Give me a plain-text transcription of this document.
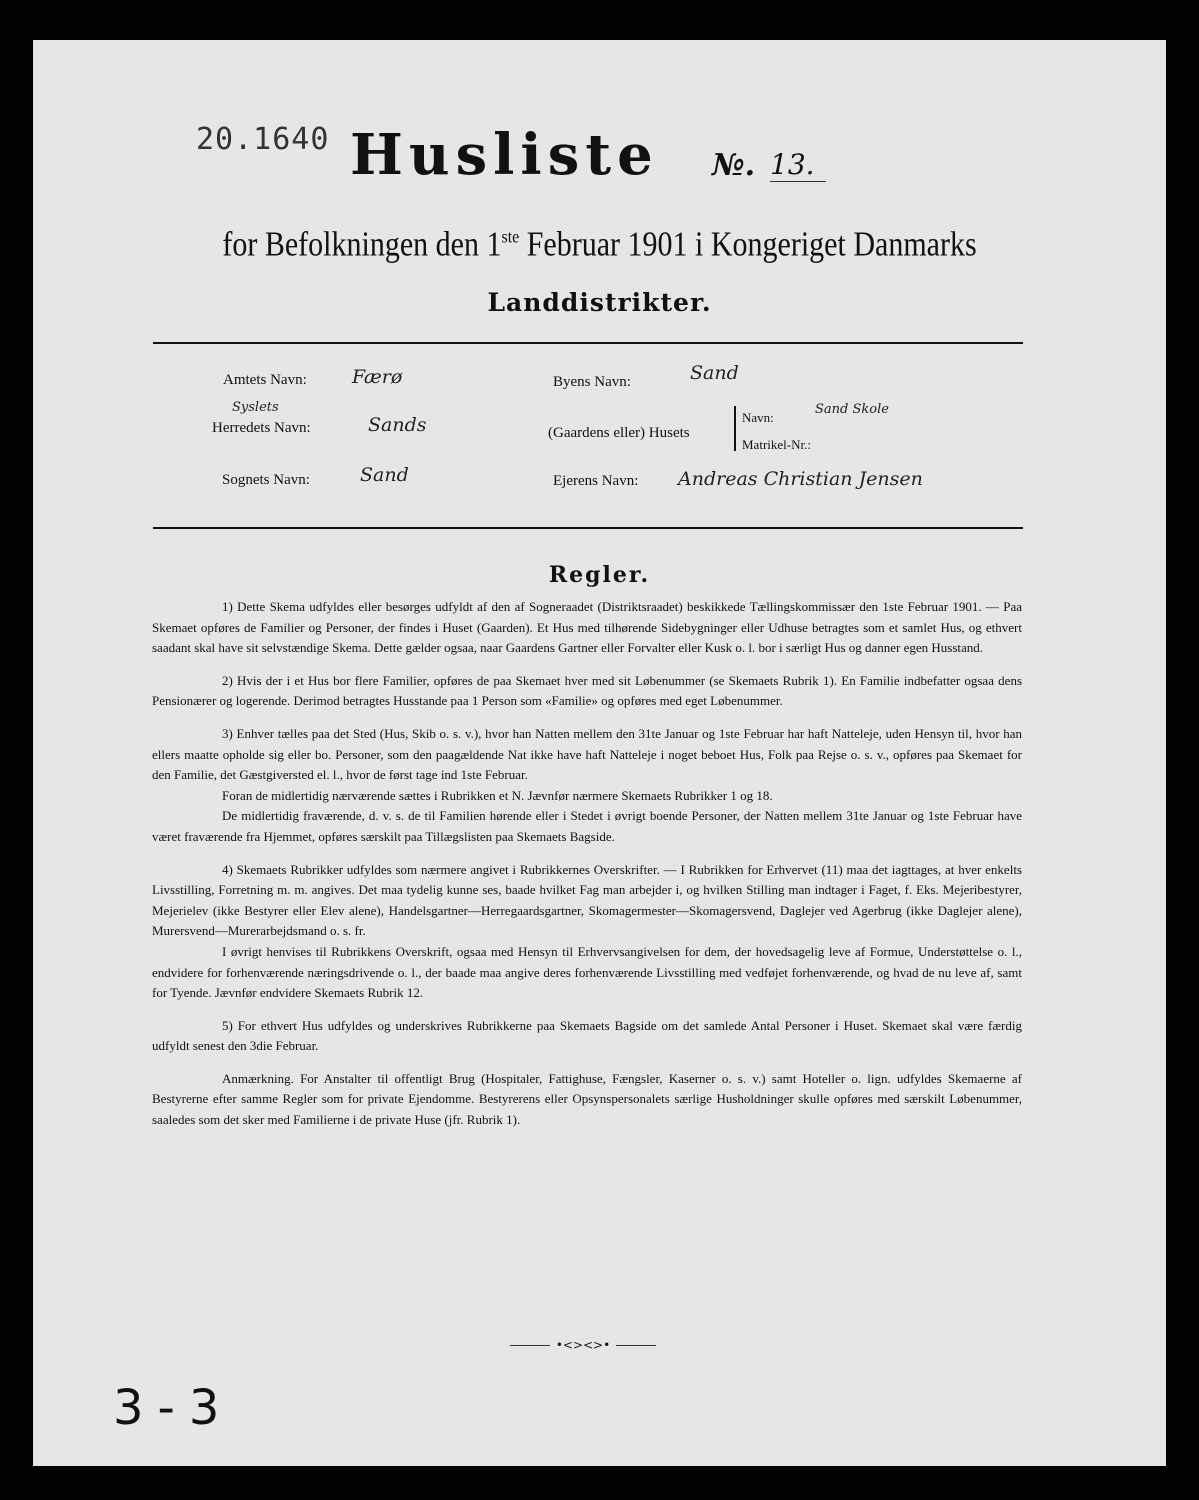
20.1640 Husliste №. 13.
for Befolkningen den 1ste Februar 1901 i Kongeriget Danmarks
Landdistrikter.
Amtets Navn: Færø
Syslets
Herredets Navn:	Sands
Sognets Navn:	Sand
Byens Navn:	Sand
(Gaardens eller) Husets
Navn:
Sand Skole
Matrikel-Nr.:
Ejerens Navn: Andreas Christian Jensen
Regler.

1) Dette Skema udfyldes eller besørges udfyldt af den af Sogneraadet (Distriktsraadet) beskikkede Tællingskommissær den 1ste Februar 1901. — Paa Skemaet opføres de Familier og Personer, der findes i Huset (Gaarden). Et Hus med tilhørende Sidebygninger eller Udhuse betragtes som et samlet Hus, og ethvert saadant skal have sit selvstændige Skema. Dette gælder ogsaa, naar Gaardens Gartner eller Forvalter eller Kusk o. l. bor i særligt Hus og danner egen Husstand.

2) Hvis der i et Hus bor flere Familier, opføres de paa Skemaet hver med sit Løbenummer (se Skemaets Rubrik 1). En Familie indbefatter ogsaa dens Pensionærer og logerende. Derimod betragtes Husstande paa 1 Person som «Familie» og opføres med eget Løbenummer.

3) Enhver tælles paa det Sted (Hus, Skib o. s. v.), hvor han Natten mellem den 31te Januar og 1ste Februar har haft Natteleje, uden Hensyn til, hvor han ellers maatte opholde sig eller bo. Personer, som den paagældende Nat ikke have haft Natteleje i noget beboet Hus, Folk paa Rejse o. s. v., opføres paa Skemaet for den Familie, det Gæstgiversted el. l., hvor de først tage ind 1ste Februar.

Foran de midlertidig nærværende sættes i Rubrikken et N. Jævnfør nærmere Skemaets Rubrikker 1 og 18.

De midlertidig fraværende, d. v. s. de til Familien hørende eller i Stedet i øvrigt boende Personer, der Natten mellem 31te Januar og 1ste Februar have været fraværende fra Hjemmet, opføres særskilt paa Tillægslisten paa Skemaets Bagside.

4) Skemaets Rubrikker udfyldes som nærmere angivet i Rubrikkernes Overskrifter. — I Rubrikken for Erhvervet (11) maa det iagttages, at hver enkelts Livsstilling, Forretning m. m. angives. Det maa tydelig kunne ses, baade hvilket Fag man arbejder i, og hvilken Stilling man indtager i Faget, f. Eks. Mejeribestyrer, Mejerielev (ikke Bestyrer eller Elev alene), Handelsgartner—Herregaardsgartner, Skomagermester—Skomagersvend, Daglejer ved Agerbrug (ikke Daglejer alene), Murersvend—Murerarbejdsmand o. s. fr.

I øvrigt henvises til Rubrikkens Overskrift, ogsaa med Hensyn til Erhvervsangivelsen for dem, der hovedsagelig leve af Formue, Understøttelse o. l., endvidere for forhenværende næringsdrivende o. l., der baade maa angive deres forhenværende Livsstilling med vedføjet forhenværende, og hvad de nu leve af, samt for Tyende. Jævnfør endvidere Skemaets Rubrik 12.

5) For ethvert Hus udfyldes og underskrives Rubrikkerne paa Skemaets Bagside om det samlede Antal Personer i Huset. Skemaet skal være færdig udfyldt senest den 3die Februar.

Anmærkning. For Anstalter til offentligt Brug (Hospitaler, Fattighuse, Fængsler, Kaserner o. s. v.) samt Hoteller o. lign. udfyldes Skemaerne af Bestyrerne efter samme Regler som for private Ejendomme. Bestyrerens eller Opsynspersonalets særlige Husholdninger skulle opføres med særskilt Løbenummer, saaledes som det sker med Familierne i de private Huse (jfr. Rubrik 1).

•<><>•
3-3
